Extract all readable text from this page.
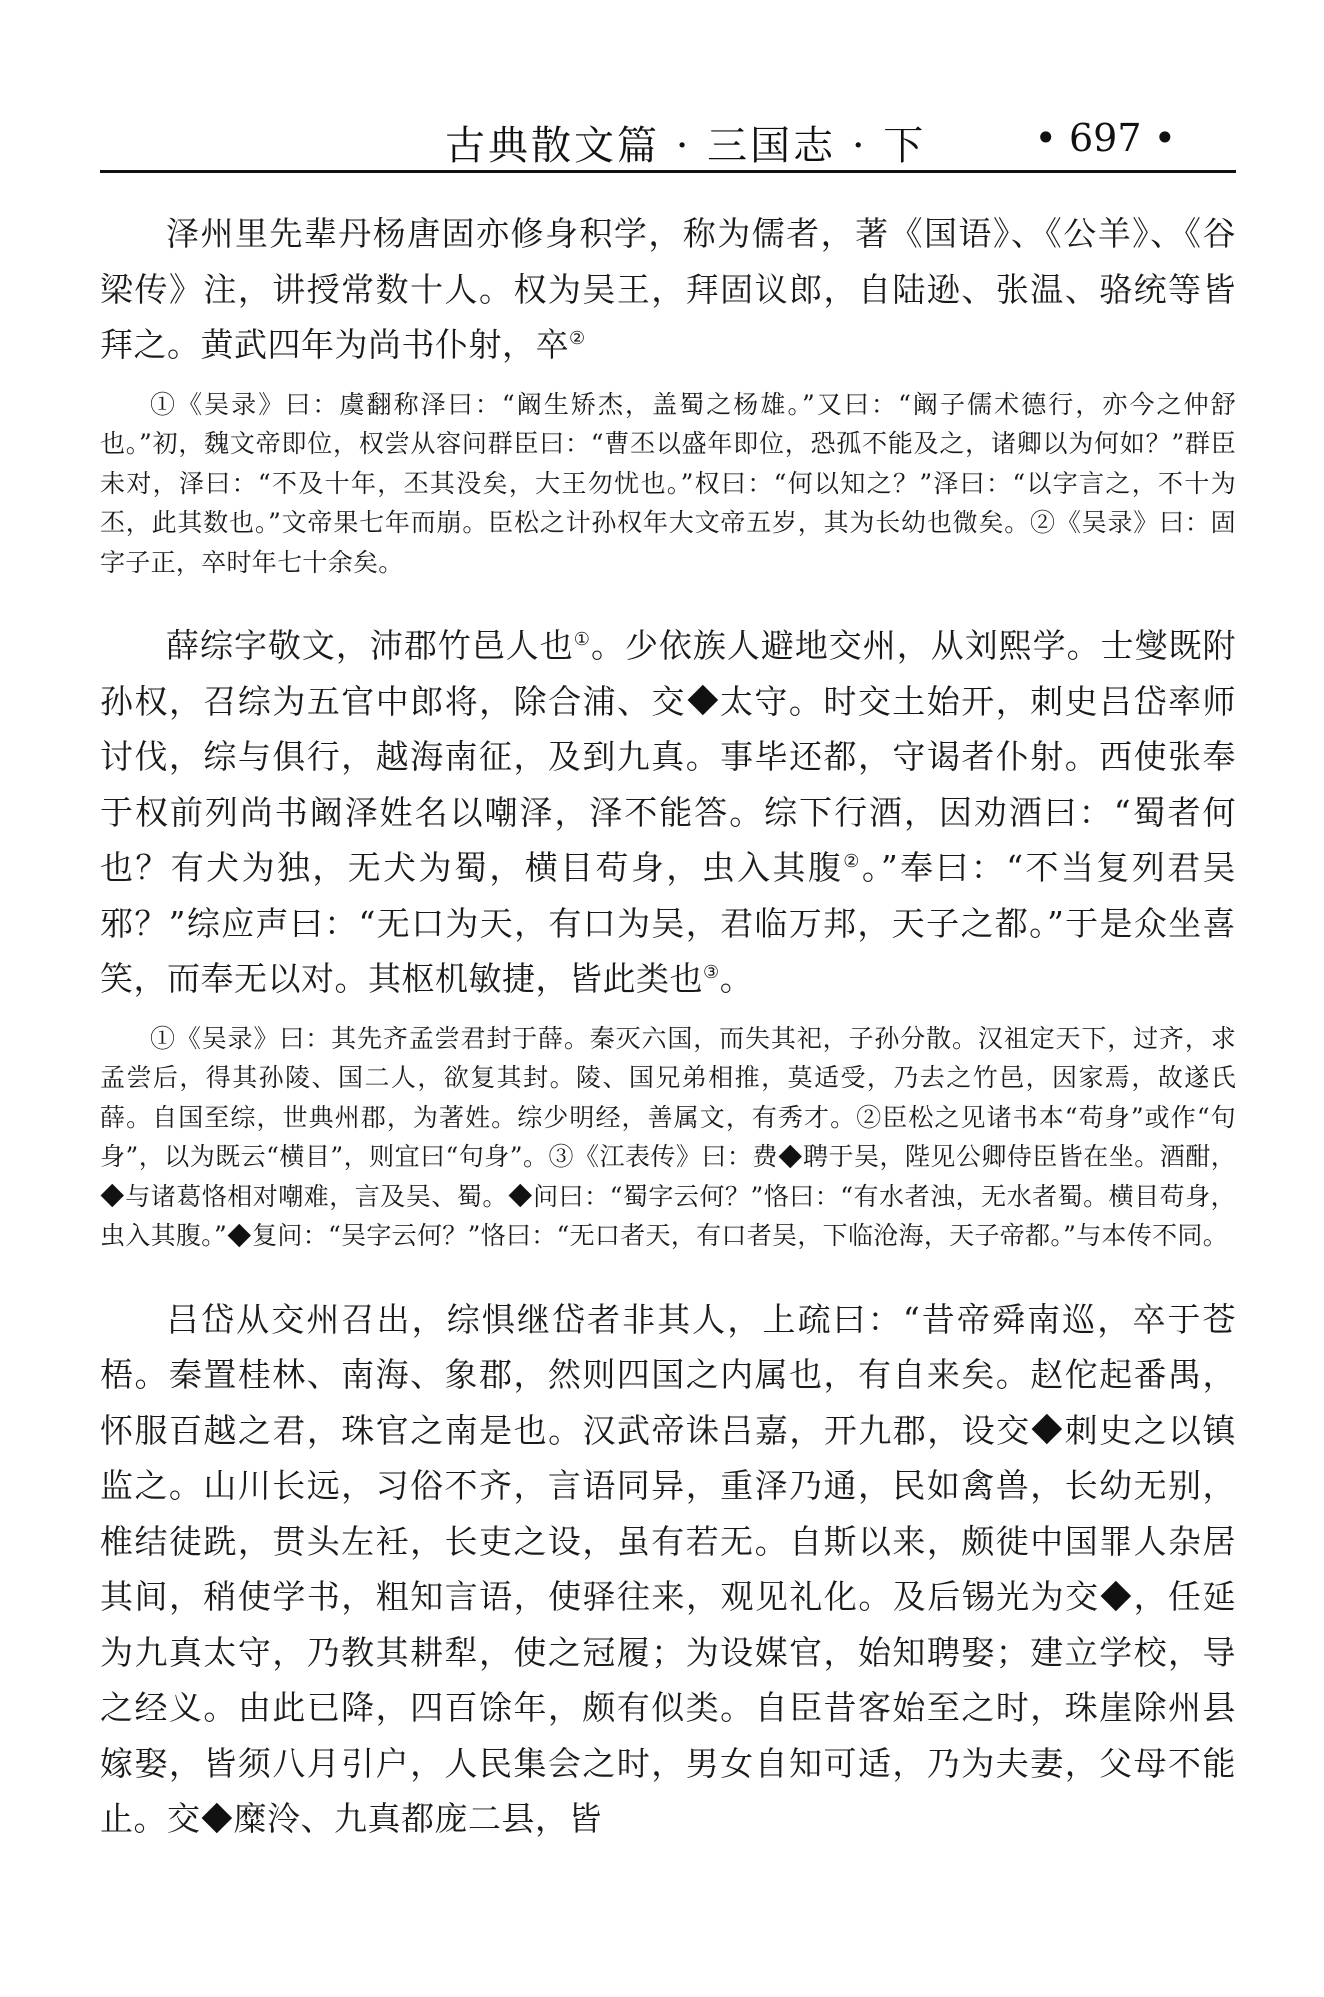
古典散文篇 · 三国志 · 下	• 697 •

泽州里先辈丹杨唐固亦修身积学，称为儒者，著《国语》、《公羊》、《谷梁传》注，讲授常数十人。权为吴王，拜固议郎，自陆逊、张温、骆统等皆拜之。黄武四年为尚书仆射，卒②

①《吴录》曰：虞翻称泽曰：“阚生矫杰，盖蜀之杨雄。”又曰：“阚子儒术德行，亦今之仲舒也。”初，魏文帝即位，权尝从容问群臣曰：“曹丕以盛年即位，恐孤不能及之，诸卿以为何如？”群臣未对，泽曰：“不及十年，丕其没矣，大王勿忧也。”权曰：“何以知之？”泽曰：“以字言之，不十为丕，此其数也。”文帝果七年而崩。臣松之计孙权年大文帝五岁，其为长幼也微矣。②《吴录》曰：固字子正，卒时年七十余矣。

薛综字敬文，沛郡竹邑人也①。少依族人避地交州，从刘熙学。士燮既附孙权，召综为五官中郎将，除合浦、交 太守。时交土始开，刺史吕岱率师讨伐，综与俱行，越海南征，及到九真。事毕还都，守谒者仆射。西使张奉于权前列尚书阚泽姓名以嘲泽，泽不能答。综下行酒，因劝酒曰：“蜀者何也？有犬为独，无犬为蜀，横目苟身，虫入其腹②。”奉曰：“不当复列君吴邪？”综应声曰：“无口为天，有口为吴，君临万邦，天子之都。”于是众坐喜笑，而奉无以对。其枢机敏捷，皆此类也③。

①《吴录》曰：其先齐孟尝君封于薛。秦灭六国，而失其祀，子孙分散。汉祖定天下，过齐，求孟尝后，得其孙陵、国二人，欲复其封。陵、国兄弟相推，莫适受，乃去之竹邑，因家焉，故遂氏薛。自国至综，世典州郡，为著姓。综少明经，善属文，有秀才。②臣松之见诸书本“苟身”或作“句身”，以为既云“横目”，则宜曰“句身”。③《江表传》曰：费 聘于吴，陛见公卿侍臣皆在坐。酒酣，与诸葛恪相对嘲难，言及吴、蜀。 问曰：“蜀字云何？”恪曰：“有水者浊，无水者蜀。横目苟身，虫入其腹。” 复问：“吴字云何？”恪曰：“无口者天，有口者吴，下临沧海，天子帝都。”与本传不同。

吕岱从交州召出，综惧继岱者非其人，上疏曰：“昔帝舜南巡，卒于苍梧。秦置桂林、南海、象郡，然则四国之内属也，有自来矣。赵佗起番禺，怀服百越之君，珠官之南是也。汉武帝诛吕嘉，开九郡，设交 刺史之以镇监之。山川长远，习俗不齐，言语同异，重泽乃通，民如禽兽，长幼无别，椎结徒跣，贯头左衽，长吏之设，虽有若无。自斯以来，颇徙中国罪人杂居其间，稍使学书，粗知言语，使驿往来，观见礼化。及后锡光为交 ，任延为九真太守，乃教其耕犁，使之冠履；为设媒官，始知聘娶；建立学校，导之经义。由此已降，四百馀年，颇有似类。自臣昔客始至之时，珠崖除州县嫁娶，皆须八月引户，人民集会之时，男女自知可适，乃为夫妻，父母不能止。交 糜泠、九真都庞二县，皆
